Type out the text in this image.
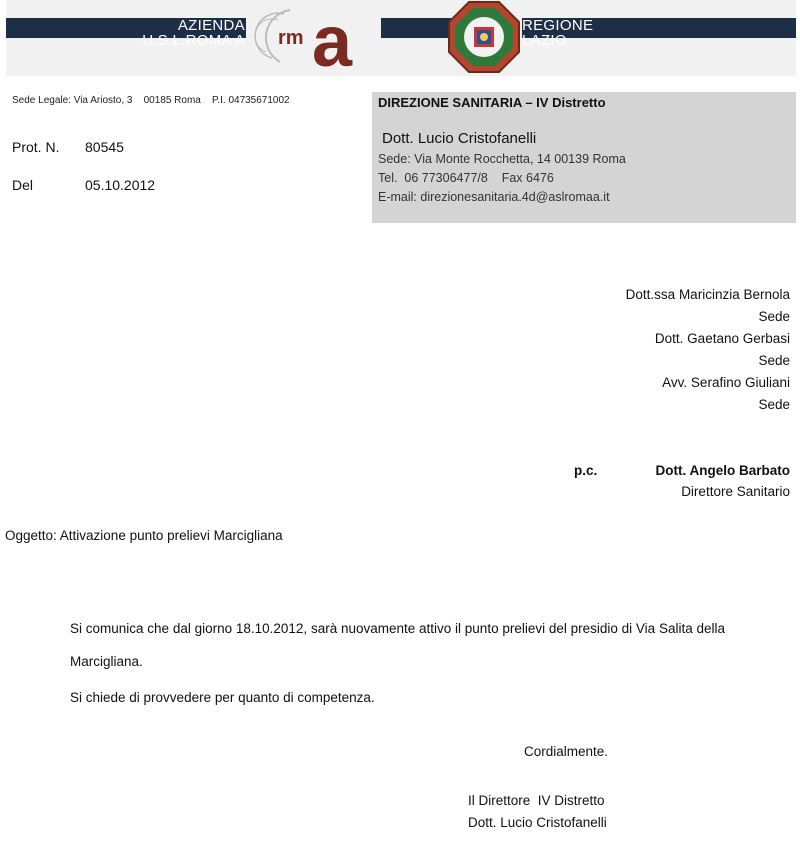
AZIENDA
U.S.L.ROMA A rm a	REGIONE
LAZIO
Sede Legale: Via Ariosto, 3    00185 Roma    P.I. 04735671002
Prot. N. 80545
Del	05.10.2012
DIREZIONE SANITARIA – IV Distretto
Dott. Lucio Cristofanelli
Sede: Via Monte Rocchetta, 14 00139 Roma
Tel.  06 77306477/8    Fax 6476
E-mail: direzionesanitaria.4d@aslromaa.it
Dott.ssa Maricinzia Bernola
Sede
Dott. Gaetano Gerbasi
Sede
Avv. Serafino Giuliani
Sede
p.c.	Dott. Angelo Barbato
Direttore Sanitario
Oggetto: Attivazione punto prelievi Marcigliana
Si comunica che dal giorno 18.10.2012, sarà nuovamente attivo il punto prelievi del presidio di Via Salita della Marcigliana.
Si chiede di provvedere per quanto di competenza.
Cordialmente.
Il Direttore  IV Distretto
Dott. Lucio Cristofanelli
